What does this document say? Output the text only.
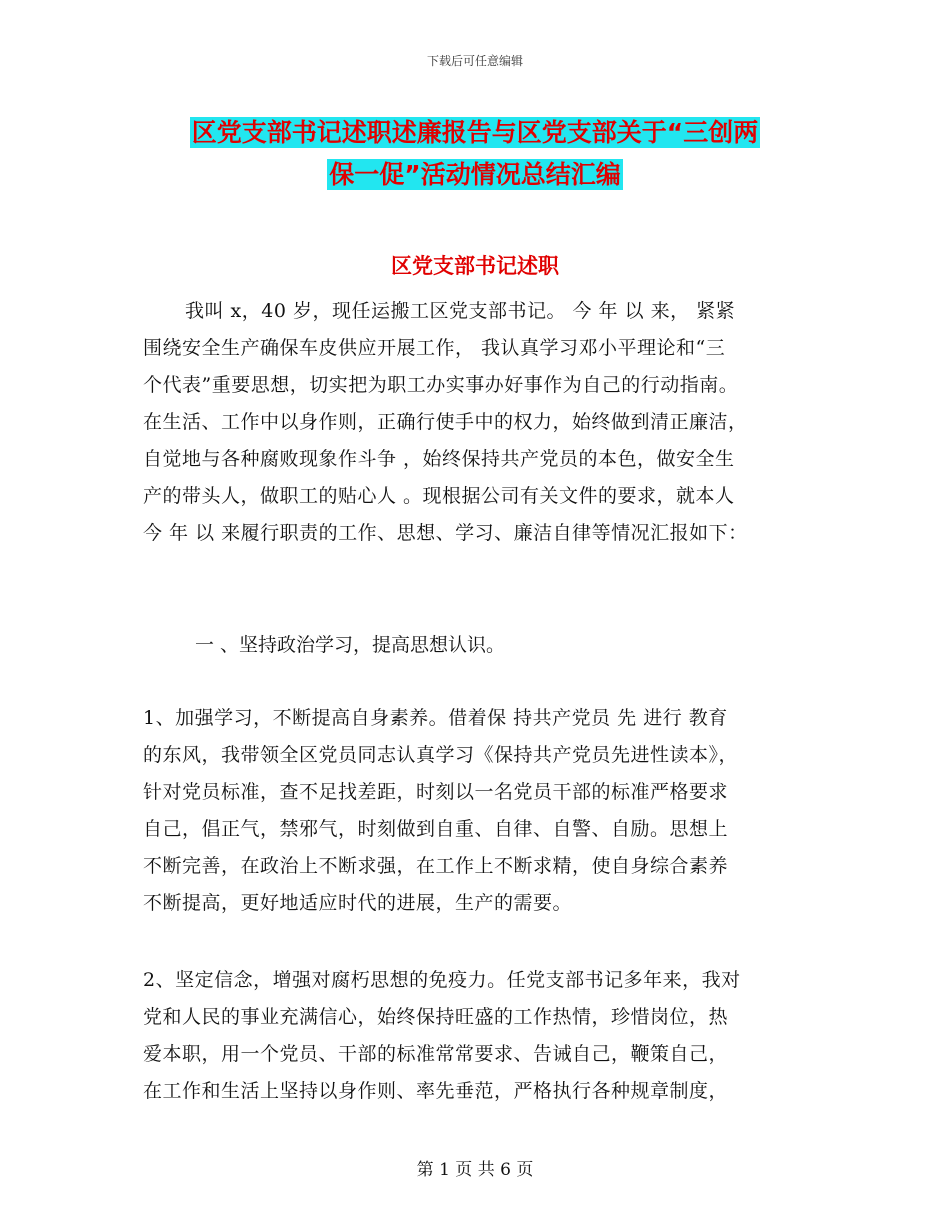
下载后可任意编辑
区党支部书记述职述廉报告与区党支部关于“三创两
保一促”活动情况总结汇编
区党支部书记述职
我叫 x，40 岁，现任运搬工区党支部书记。 今 年 以 来， 紧紧
围绕安全生产确保车皮供应开展工作， 我认真学习邓小平理论和“三
个代表”重要思想，切实把为职工办实事办好事作为自己的行动指南。
在生活、工作中以身作则，正确行使手中的权力，始终做到清正廉洁，
自觉地与各种腐败现象作斗争 ，始终保持共产党员的本色，做安全生
产的带头人，做职工的贴心人 。现根据公司有关文件的要求，就本人
今 年 以 来履行职责的工作、思想、学习、廉洁自律等情况汇报如下：
一 、坚持政治学习，提高思想认识。
1、加强学习，不断提高自身素养。借着保 持共产党员 先 进行 教育
的东风，我带领全区党员同志认真学习《保持共产党员先进性读本》，
针对党员标准，查不足找差距，时刻以一名党员干部的标准严格要求
自己，倡正气，禁邪气，时刻做到自重、自律、自警、自励。思想上
不断完善，在政治上不断求强，在工作上不断求精，使自身综合素养
不断提高，更好地适应时代的进展，生产的需要。
2、坚定信念，增强对腐朽思想的免疫力。任党支部书记多年来，我对
党和人民的事业充满信心，始终保持旺盛的工作热情，珍惜岗位，热
爱本职，用一个党员、干部的标准常常要求、告诫自己，鞭策自己，
在工作和生活上坚持以身作则、率先垂范，严格执行各种规章制度，
第 1 页 共 6 页
